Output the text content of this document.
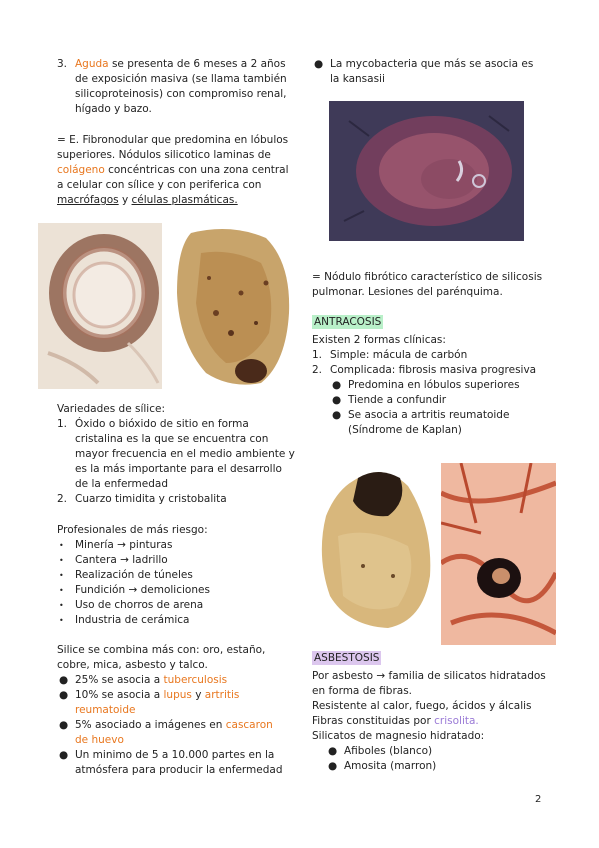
3. Aguda se presenta de 6 meses a 2 años de exposición masiva (se llama también silicoproteinosis) con compromiso renal, hígado y bazo.
= E. Fibronodular que predomina en lóbulos superiores. Nódulos silicotico laminas de colágeno concéntricas con una zona central a celular con sílice y con periferica con macrófagos y células plasmáticas.

Variedades de sílice:

1. Óxido o bióxido de sitio en forma cristalina es la que se encuentra con mayor frecuencia en el medio ambiente y es la más importante para el desarrollo de la enfermedad
2. Cuarzo timidita y cristobalita

Profesionales de más riesgo:

• Minería → pinturas
• Cantera → ladrillo
• Realización de túneles
• Fundición → demoliciones
• Uso de chorros de arena
• Industria de cerámica

Silice se combina más con: oro, estaño, cobre, mica, asbesto y talco.

● 25% se asocia a tuberculosis
● 10% se asocia a lupus y artritis reumatoide
● 5% asociado a imágenes en cascaron de huevo
● Un minimo de 5 a 10.000 partes en la atmósfera para producir la enfermedad
● La mycobacteria que más se asocia es la kansasii
= Nódulo fibrótico característico de silicosis pulmonar. Lesiones del parénquima.

ANTRACOSIS

Existen 2 formas clínicas:

1. Simple: mácula de carbón
2. Complicada: fibrosis masiva progresiva
● Predomina en lóbulos superiores
● Tiende a confundir
● Se asocia a artritis reumatoide (Síndrome de Kaplan)

ASBESTOSIS

Por asbesto → familia de silicatos hidratados en forma de fibras.

Resistente al calor, fuego, ácidos y álcalis

Fibras constituidas por crisolita.

Silicatos de magnesio hidratado:

● Afiboles (blanco)
● Amosita (marron)
2
